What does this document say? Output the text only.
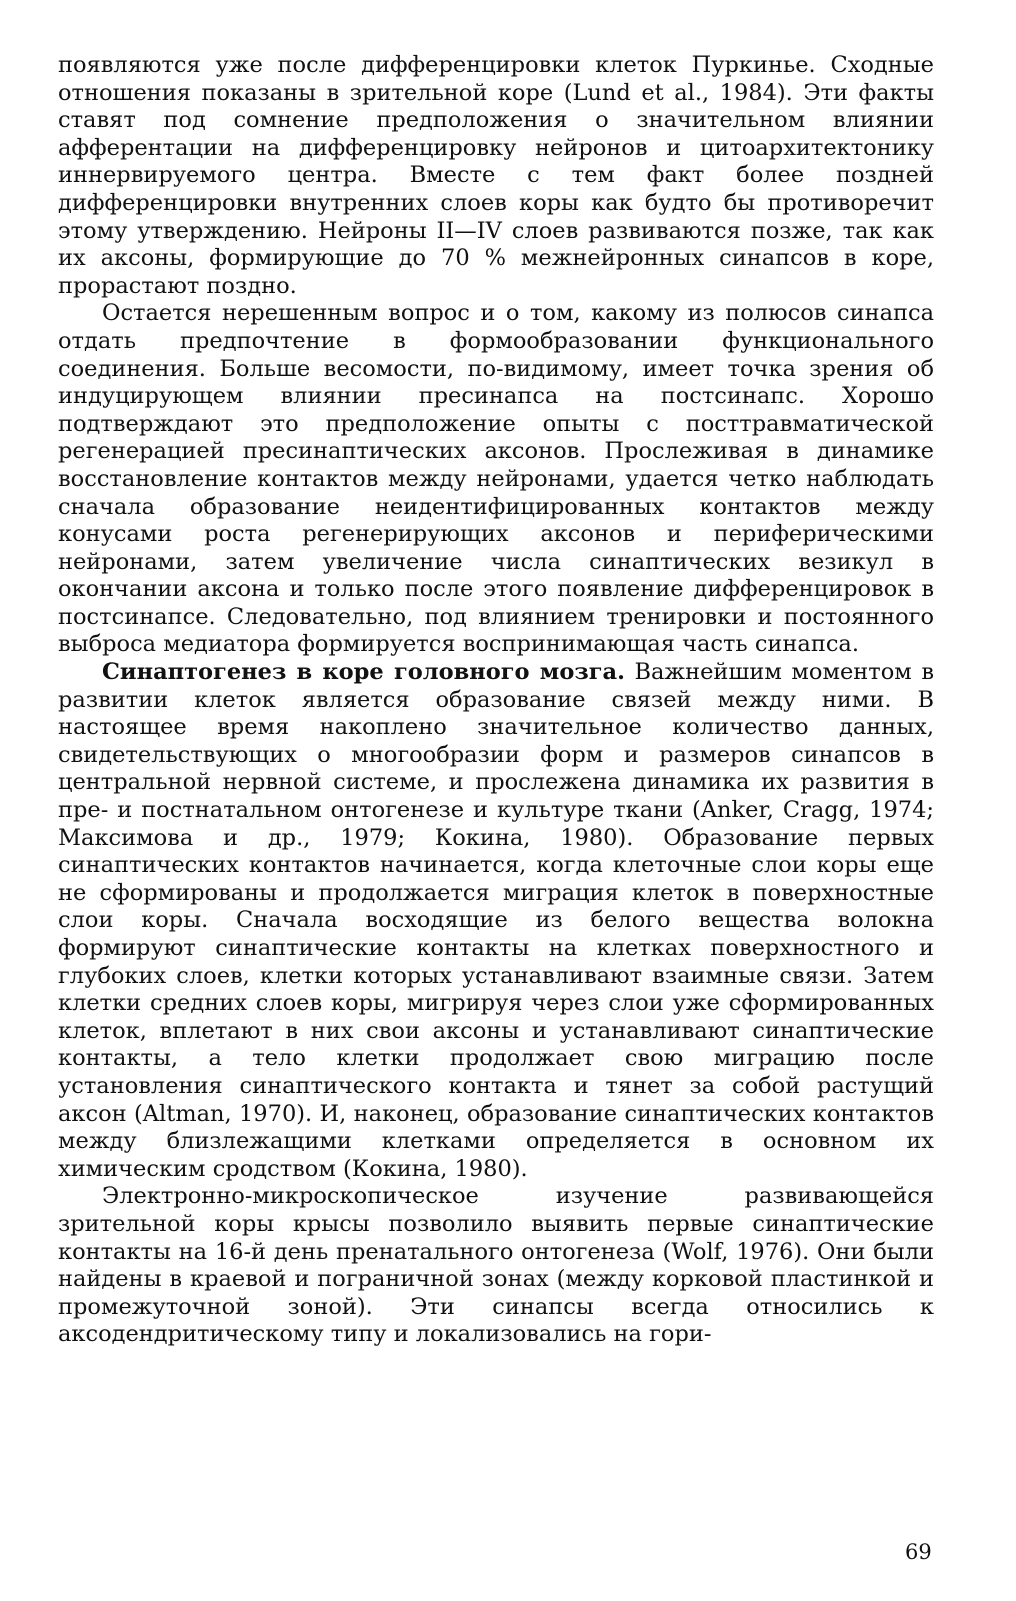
появляются уже после дифференцировки клеток Пуркинье. Сходные отношения показаны в зрительной коре (Lund et al., 1984). Эти факты ставят под сомнение предположения о значительном влиянии афферентации на дифференцировку нейронов и цитоархитектонику иннервируемого центра. Вместе с тем факт более поздней дифференцировки внутренних слоев коры как будто бы противоречит этому утверждению. Нейроны II—IV слоев развиваются позже, так как их аксоны, формирующие до 70 % межнейронных синапсов в коре, прорастают поздно.

Остается нерешенным вопрос и о том, какому из полюсов синапса отдать предпочтение в формообразовании функционального соединения. Больше весомости, по-видимому, имеет точка зрения об индуцирующем влиянии пресинапса на постсинапс. Хорошо подтверждают это предположение опыты с посттравматической регенерацией пресинаптических аксонов. Прослеживая в динамике восстановление контактов между нейронами, удается четко наблюдать сначала образование неидентифицированных контактов между конусами роста регенерирующих аксонов и периферическими нейронами, затем увеличение числа синаптических везикул в окончании аксона и только после этого появление дифференцировок в постсинапсе. Следовательно, под влиянием тренировки и постоянного выброса медиатора формируется воспринимающая часть синапса.

Синаптогенез в коре головного мозга. Важнейшим моментом в развитии клеток является образование связей между ними. В настоящее время накоплено значительное количество данных, свидетельствующих о многообразии форм и размеров синапсов в центральной нервной системе, и прослежена динамика их развития в пре- и постнатальном онтогенезе и культуре ткани (Anker, Cragg, 1974; Максимова и др., 1979; Кокина, 1980). Образование первых синаптических контактов начинается, когда клеточные слои коры еще не сформированы и продолжается миграция клеток в поверхностные слои коры. Сначала восходящие из белого вещества волокна формируют синаптические контакты на клетках поверхностного и глубоких слоев, клетки которых устанавливают взаимные связи. Затем клетки средних слоев коры, мигрируя через слои уже сформированных клеток, вплетают в них свои аксоны и устанавливают синаптические контакты, а тело клетки продолжает свою миграцию после установления синаптического контакта и тянет за собой растущий аксон (Altman, 1970). И, наконец, образование синаптических контактов между близлежащими клетками определяется в основном их химическим сродством (Кокина, 1980).

Электронно-микроскопическое изучение развивающейся зрительной коры крысы позволило выявить первые синаптические контакты на 16-й день пренатального онтогенеза (Wolf, 1976). Они были найдены в краевой и пограничной зонах (между корковой пластинкой и промежуточной зоной). Эти синапсы всегда относились к аксодендритическому типу и локализовались на гори-

69
